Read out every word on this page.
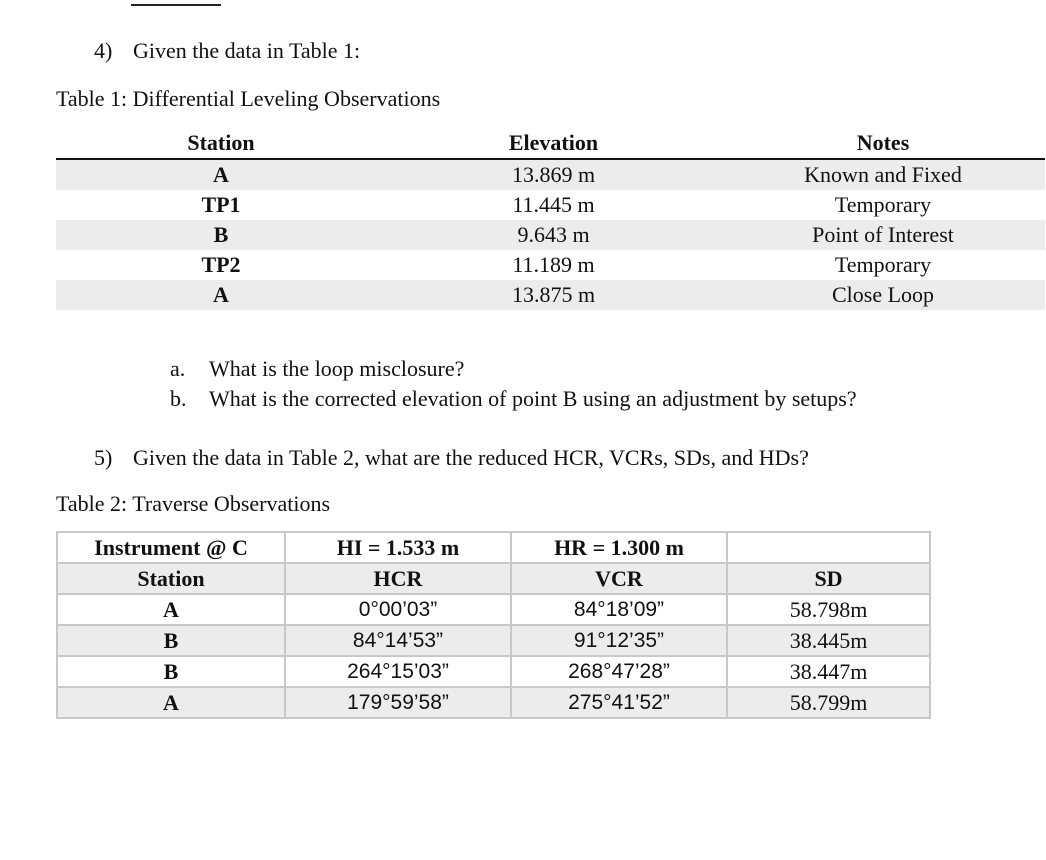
4) Given the data in Table 1:
Table 1: Differential Leveling Observations
Station	Elevation	Notes
A	13.869 m	Known and Fixed
TP1	11.445 m	Temporary
B	9.643 m	Point of Interest
TP2	11.189 m	Temporary
A	13.875 m	Close Loop
a. What is the loop misclosure?
b. What is the corrected elevation of point B using an adjustment by setups?
5) Given the data in Table 2, what are the reduced HCR, VCRs, SDs, and HDs?
Table 2: Traverse Observations
Instrument @ C	HI = 1.533 m	HR = 1.300 m	
Station	HCR	VCR	SD
A	0°00’03”	84°18’09”	58.798m
B	84°14’53”	91°12’35”	38.445m
B	264°15’03”	268°47’28”	38.447m
A	179°59’58”	275°41’52”	58.799m
